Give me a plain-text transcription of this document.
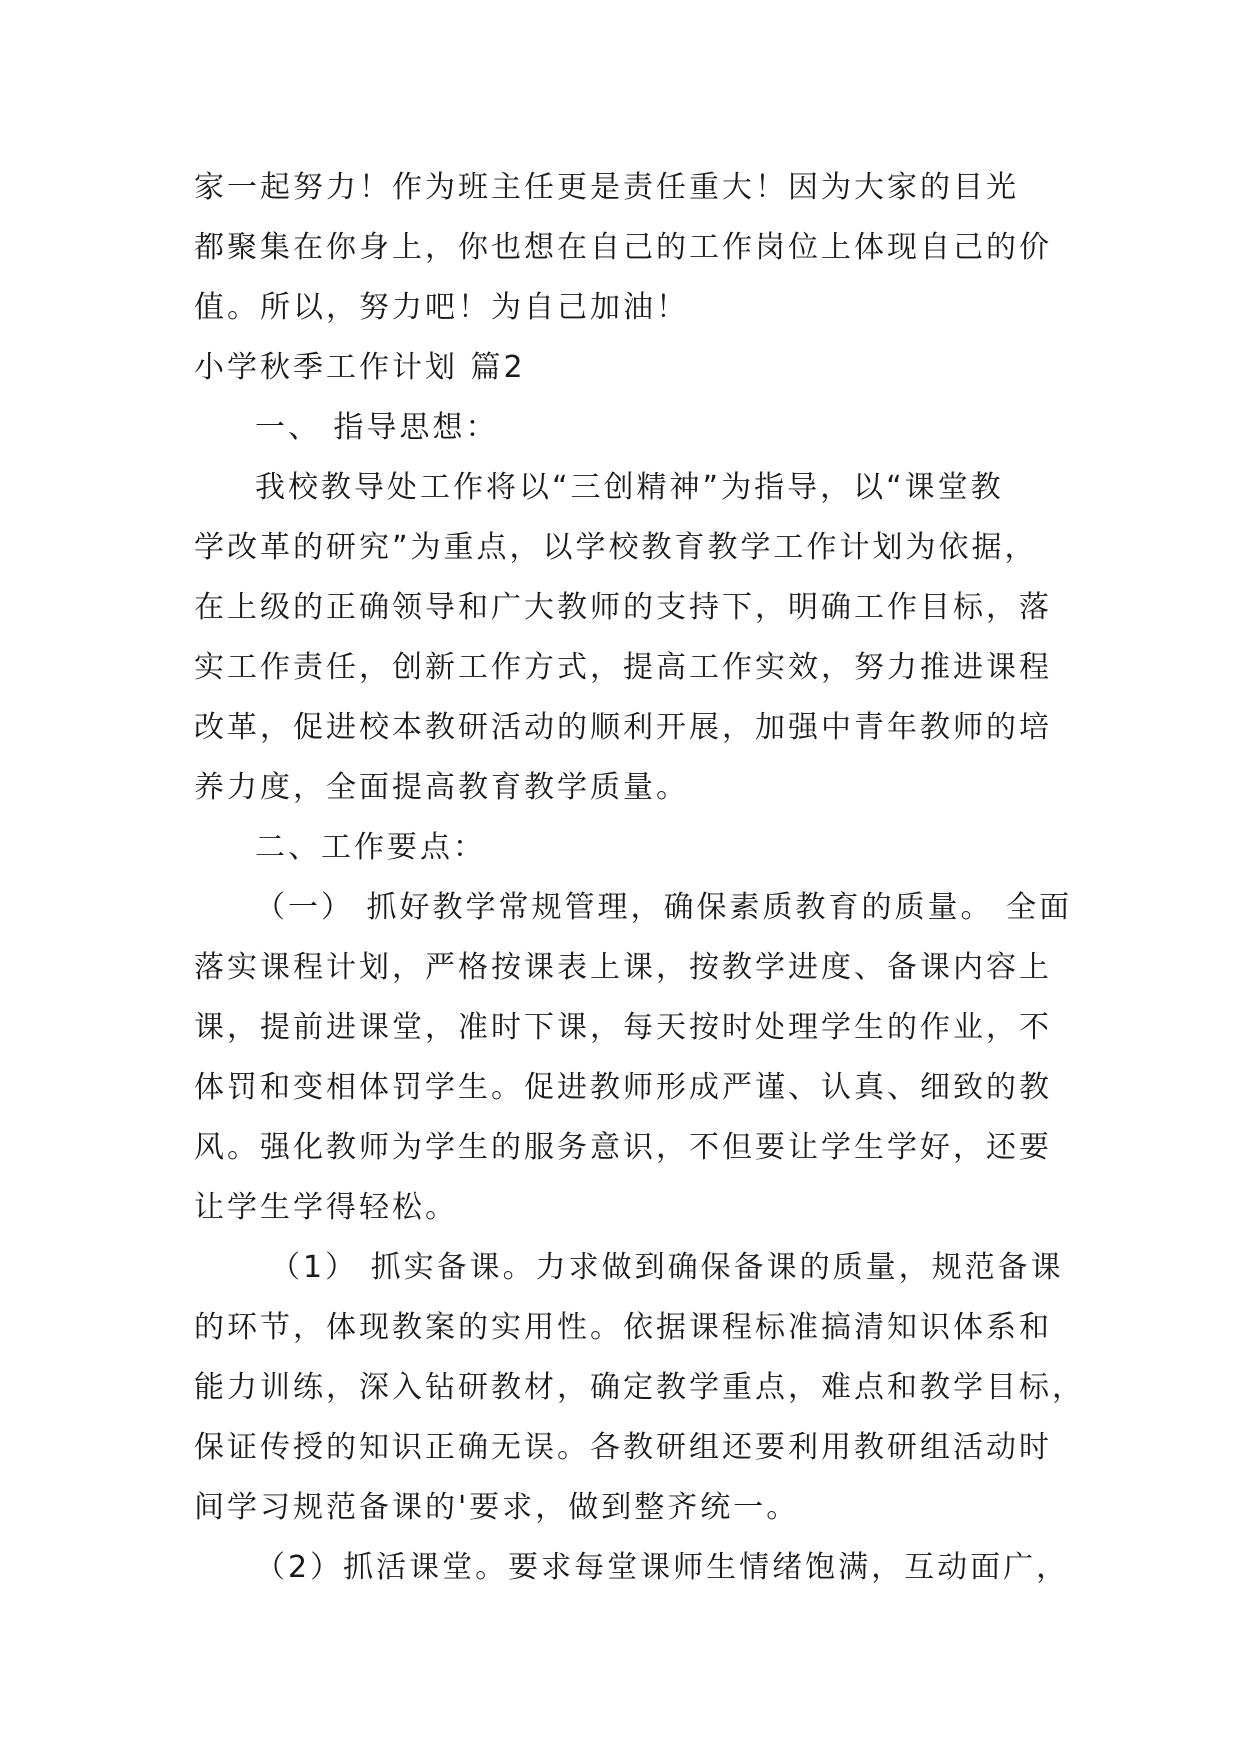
家一起努力！作为班主任更是责任重大！因为大家的目光
都聚集在你身上，你也想在自己的工作岗位上体现自己的价
值。所以，努力吧！为自己加油！
小学秋季工作计划 篇2
一、 指导思想：
我校教导处工作将以“三创精神”为指导，以“课堂教
学改革的研究”为重点，以学校教育教学工作计划为依据，
在上级的正确领导和广大教师的支持下，明确工作目标，落
实工作责任，创新工作方式，提高工作实效，努力推进课程
改革，促进校本教研活动的顺利开展，加强中青年教师的培
养力度，全面提高教育教学质量。
二、工作要点：
（一） 抓好教学常规管理，确保素质教育的质量。 全面
落实课程计划，严格按课表上课，按教学进度、备课内容上
课，提前进课堂，准时下课，每天按时处理学生的作业，不
体罚和变相体罚学生。促进教师形成严谨、认真、细致的教
风。强化教师为学生的服务意识，不但要让学生学好，还要
让学生学得轻松。
（1） 抓实备课。力求做到确保备课的质量，规范备课
的环节，体现教案的实用性。依据课程标准搞清知识体系和
能力训练，深入钻研教材，确定教学重点，难点和教学目标，
保证传授的知识正确无误。各教研组还要利用教研组活动时
间学习规范备课的'要求，做到整齐统一。
（2）抓活课堂。要求每堂课师生情绪饱满，互动面广，
